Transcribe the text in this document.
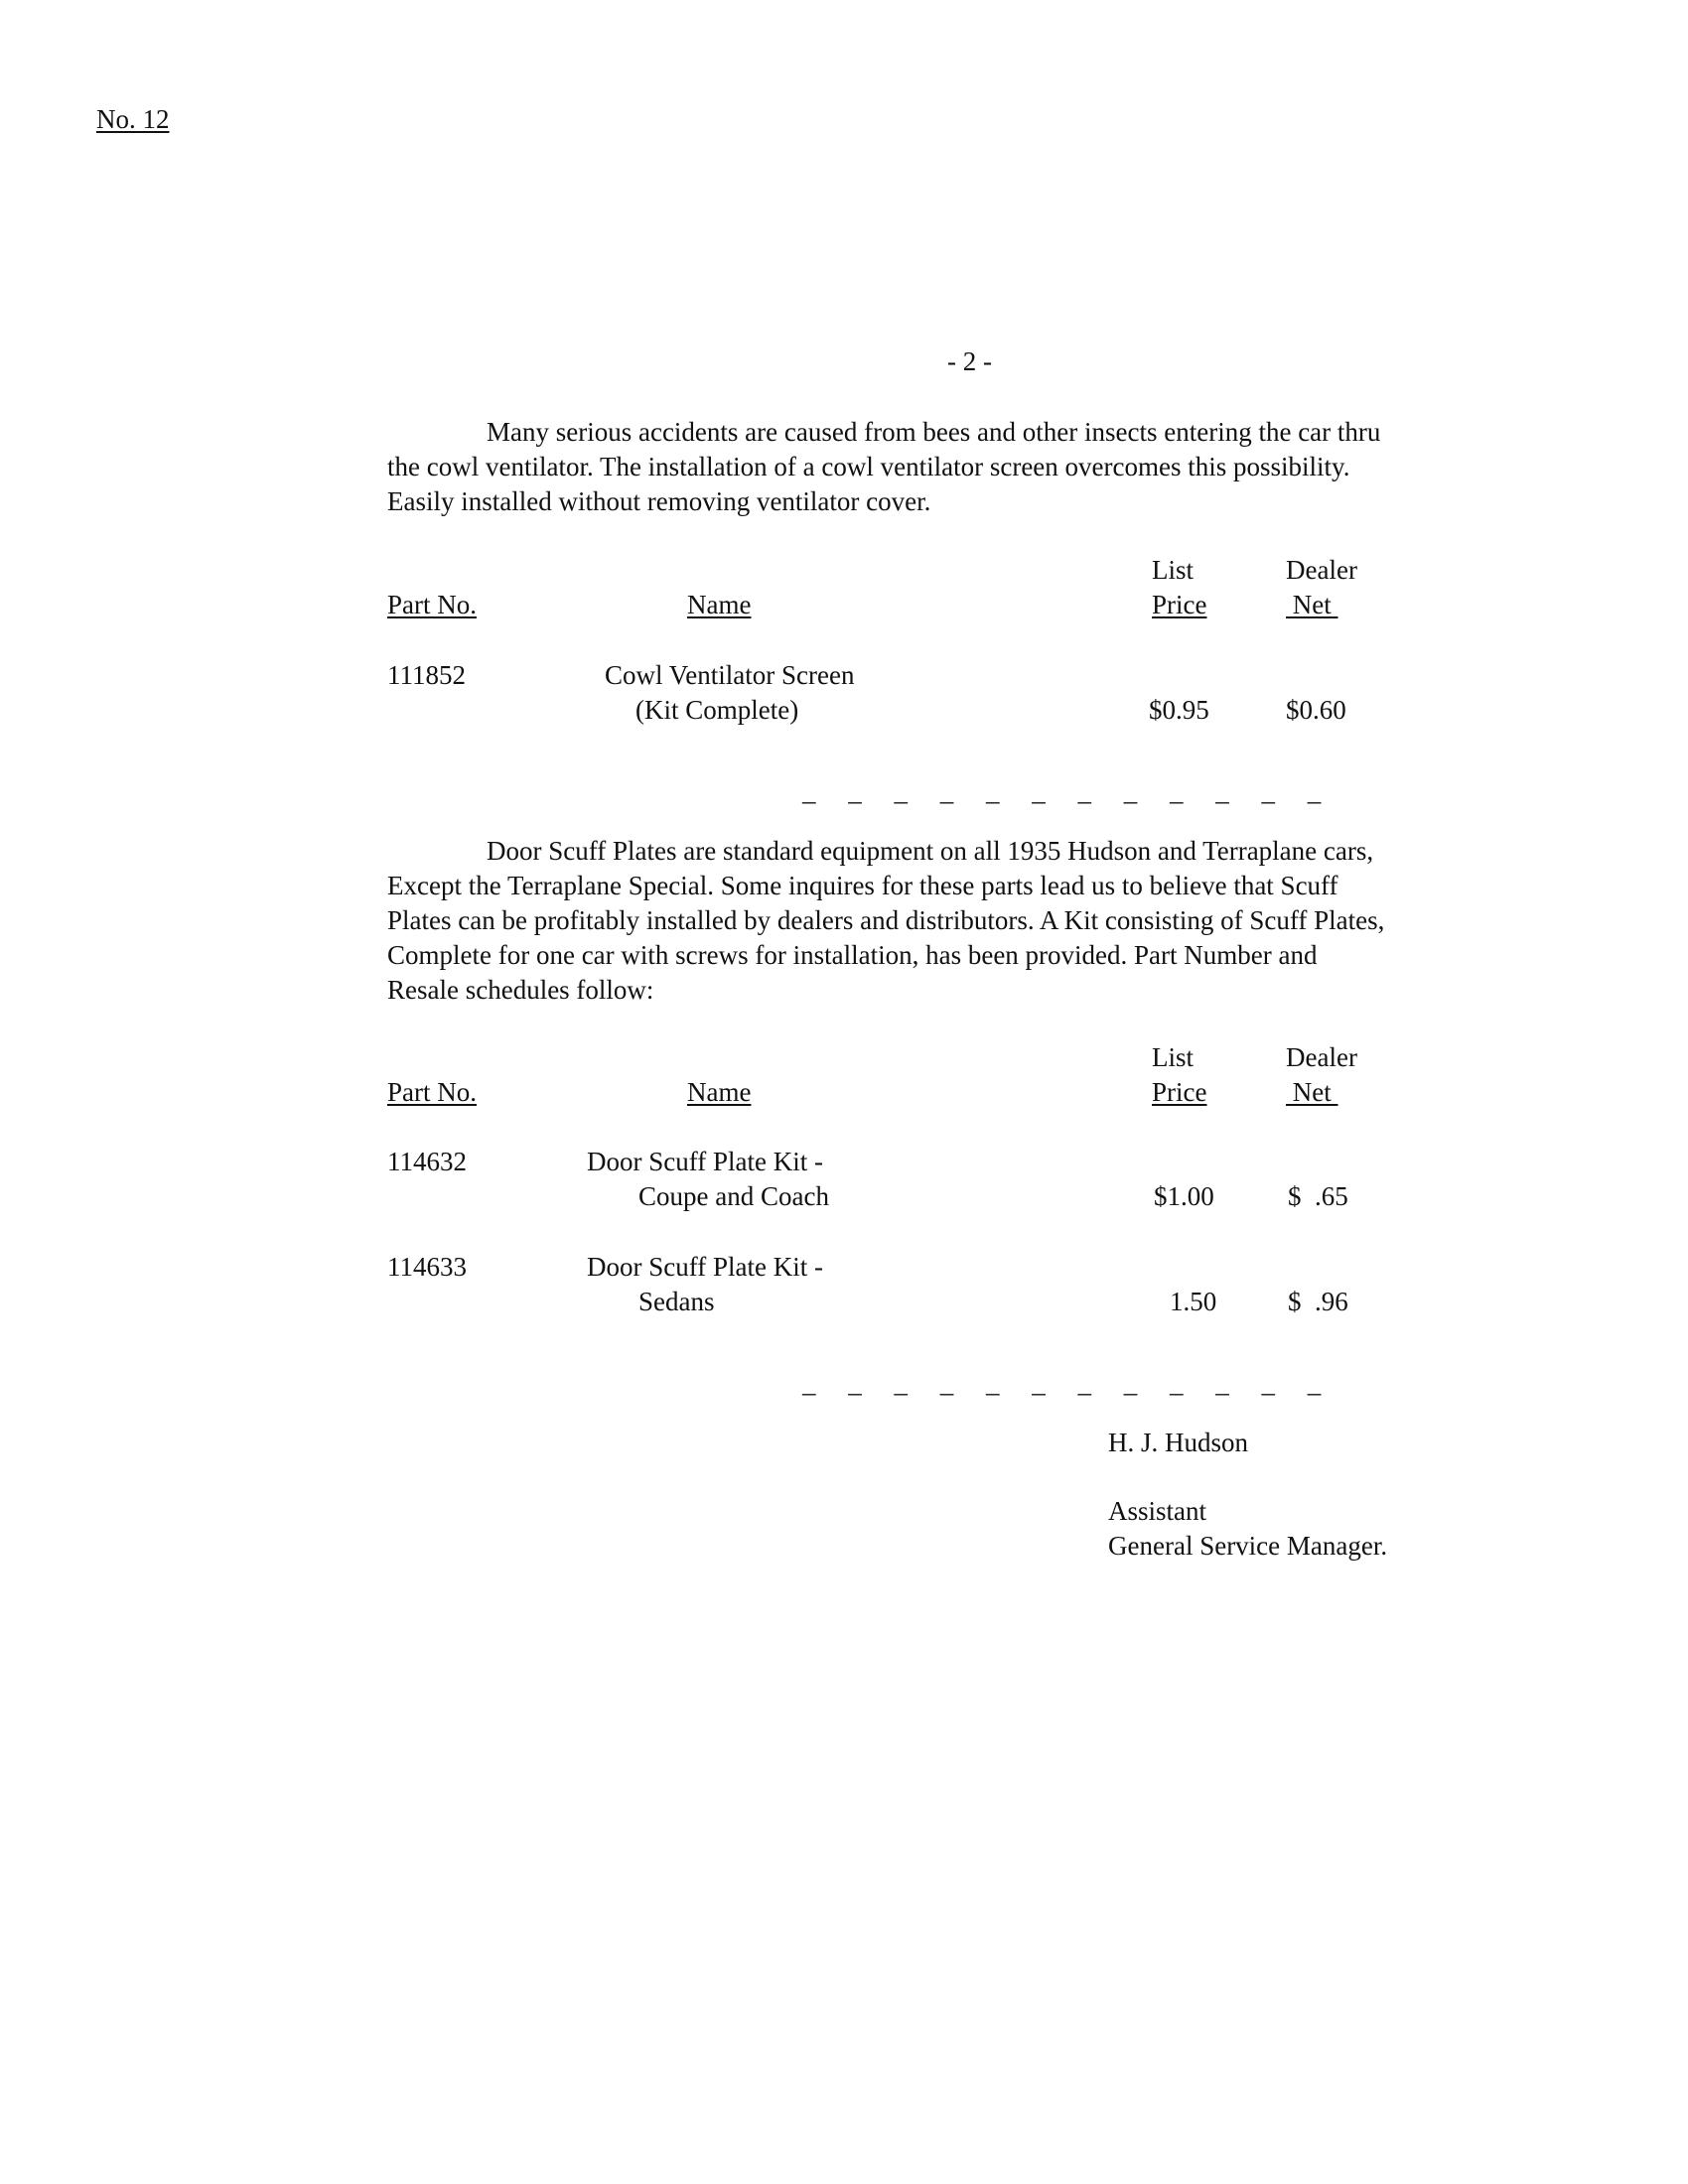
No. 12
- 2 -
Many serious accidents are caused from bees and other insects entering the car thru
the cowl ventilator. The installation of a cowl ventilator screen overcomes this possibility.
Easily installed without removing ventilator cover.
List	Dealer
Part No.	Name	Price	Net
111852	Cowl Ventilator Screen
(Kit Complete)	$0.95	$0.60
_ _ _ _ _ _ _ _ _ _ _ _
Door Scuff Plates are standard equipment on all 1935 Hudson and Terraplane cars,
Except the Terraplane Special. Some inquires for these parts lead us to believe that Scuff
Plates can be profitably installed by dealers and distributors. A Kit consisting of Scuff Plates,
Complete for one car with screws for installation, has been provided. Part Number and
Resale schedules follow:
List	Dealer
Part No.	Name	Price	Net
114632	Door Scuff Plate Kit -
Coupe and Coach	$1.00	$  .65
114633	Door Scuff Plate Kit -
Sedans	1.50	$  .96
_ _ _ _ _ _ _ _ _ _ _ _
H. J. Hudson
Assistant
General Service Manager.
